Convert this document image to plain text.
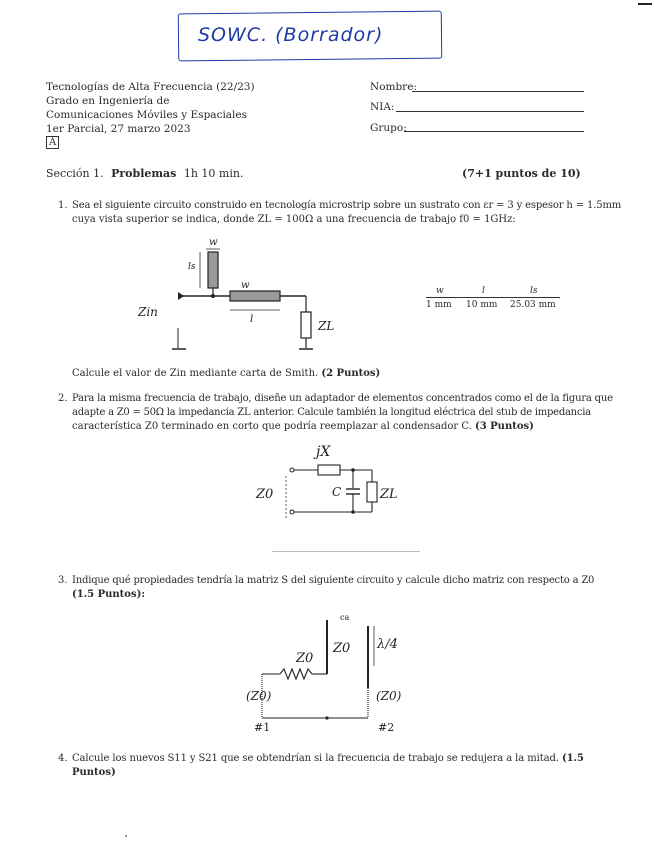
SOWC. (Borrador)
Tecnologías de Alta Frecuencia (22/23)
Grado en Ingeniería de
Comunicaciones Móviles y Espaciales
1er Parcial, 27 marzo 2023
A
Nombre:
NIA:
Grupo:
Sección 1. Problemas 1h 10 min.	(7+1 puntos de 10)
1. Sea el siguiente circuito construido en tecnología microstrip sobre un sustrato con εr = 3 y espesor h = 1.5mm
cuya vista superior se indica, donde ZL = 100Ω a una frecuencia de trabajo f0 = 1GHz:
w
ls
w
l	ZL
Zin
w	l	ls
1 mm 10 mm 25.03 mm
Calcule el valor de Zin mediante carta de Smith. (2 Puntos)
2. Para la misma frecuencia de trabajo, diseñe un adaptador de elementos concentrados como el de la figura que
adapte a Z0 = 50Ω la impedancia ZL anterior. Calcule también la longitud eléctrica del stub de impedancia
característica Z0 terminado en corto que podría reemplazar al condensador C. (3 Puntos)
jX
C	ZL
Z0
3. Indique qué propiedades tendría la matriz S del siguiente circuito y calcule dicho matriz con respecto a Z0
(1.5 Puntos):
ca
Z0 λ/4
Z0
(Z0)	(Z0)
#1	#2
4. Calcule los nuevos S11 y S21 que se obtendrían si la frecuencia de trabajo se redujera a la mitad. (1.5
Puntos)
